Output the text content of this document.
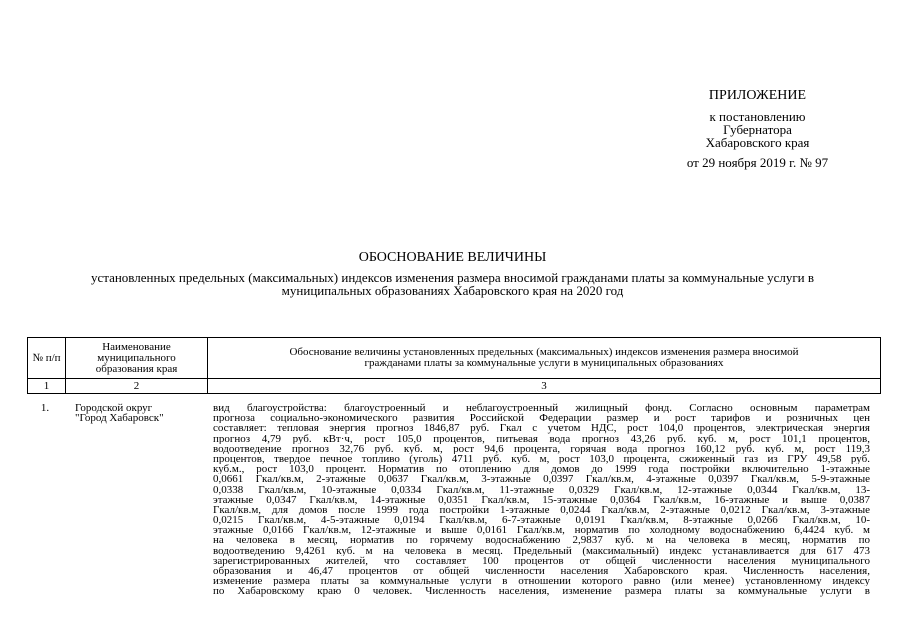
ПРИЛОЖЕНИЕ
к постановлению
Губернатора
Хабаровского края
от 29 ноября 2019 г. № 97
ОБОСНОВАНИЕ ВЕЛИЧИНЫ
установленных предельных (максимальных) индексов изменения размера вносимой гражданами платы за коммунальные услуги в
муниципальных образованиях Хабаровского края на 2020 год
№ п/п	Наименование муниципального образования края	Обоснование величины установленных предельных (максимальных) индексов изменения размера вносимой гражданами платы за коммунальные услуги в муниципальных образованиях
1	2	3
1.	Городской округ
"Город Хабаровск"
вид благоустройства: благоустроенный и неблагоустроенный жилищный фонд. Согласно основным параметрам
прогноза социально-экономического развития Российской Федерации размер и рост тарифов и розничных цен
составляет: тепловая энергия прогноз 1846,87 руб. Гкал с учетом НДС, рост 104,0 процентов, электрическая энергия
прогноз 4,79 руб. кВт·ч, рост 105,0 процентов, питьевая вода прогноз 43,26 руб. куб. м, рост 101,1 процентов,
водоотведение прогноз 32,76 руб. куб. м, рост 94,6 процента, горячая вода прогноз 160,12 руб. куб. м, рост 119,3
процентов, твердое печное топливо (уголь) 4711 руб. куб. м, рост 103,0 процента, сжиженный газ из ГРУ 49,58 руб.
куб.м., рост 103,0 процент. Норматив по отоплению для домов до 1999 года постройки включительно 1-этажные
0,0661 Гкал/кв.м, 2-этажные 0,0637 Гкал/кв.м, 3-этажные 0,0397 Гкал/кв.м, 4-этажные 0,0397 Гкал/кв.м, 5-9-этажные
0,0338 Гкал/кв.м, 10-этажные 0,0334 Гкал/кв.м, 11-этажные 0,0329 Гкал/кв.м, 12-этажные 0,0344 Гкал/кв.м, 13-
этажные 0,0347 Гкал/кв.м, 14-этажные 0,0351 Гкал/кв.м, 15-этажные 0,0364 Гкал/кв.м, 16-этажные и выше 0,0387
Гкал/кв.м, для домов после 1999 года постройки 1-этажные 0,0244 Гкал/кв.м, 2-этажные 0,0212 Гкал/кв.м, 3-этажные
0,0215 Гкал/кв.м, 4-5-этажные 0,0194 Гкал/кв.м, 6-7-этажные 0,0191 Гкал/кв.м, 8-этажные 0,0266 Гкал/кв.м, 10-
этажные 0,0166 Гкал/кв.м, 12-этажные и выше 0,0161 Гкал/кв.м, норматив по холодному водоснабжению 6,4424 куб. м
на человека в месяц, норматив по горячему водоснабжению 2,9837 куб. м на человека в месяц, норматив по
водоотведению 9,4261 куб. м на человека в месяц. Предельный (максимальный) индекс устанавливается для 617 473
зарегистрированных жителей, что составляет 100 процентов от общей численности населения муниципального
образования и 46,47 процентов от общей численности населения Хабаровского края. Численность населения,
изменение размера платы за коммунальные услуги в отношении которого равно (или менее) установленному индексу
по Хабаровскому краю 0 человек. Численность населения, изменение размера платы за коммунальные услуги в
